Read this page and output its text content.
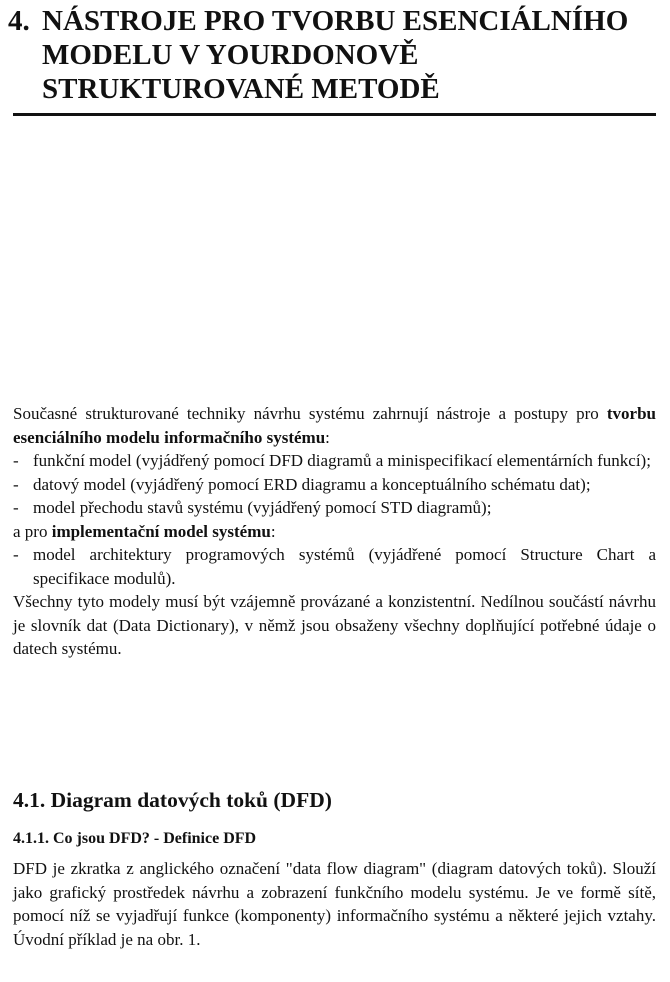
4. NÁSTROJE PRO TVORBU ESENCIÁLNÍHO
MODELU V YOURDONOVĚ
STRUKTUROVANÉ METODĚ
Současné strukturované techniky návrhu systému zahrnují nástroje a postupy pro tvorbu esenciálního modelu informačního systému:
- funkční model (vyjádřený pomocí DFD diagramů a minispecifikací elementárních funkcí);
- datový model (vyjádřený pomocí ERD diagramu a konceptuálního schématu dat);
- model přechodu stavů systému (vyjádřený pomocí STD diagramů);
a pro implementační model systému:
- model architektury programových systémů (vyjádřené pomocí Structure Chart a specifikace modulů).
Všechny tyto modely musí být vzájemně provázané a konzistentní. Nedílnou součástí návrhu je slovník dat (Data Dictionary), v němž jsou obsaženy všechny doplňující potřebné údaje o datech systému.
4.1. Diagram datových toků (DFD)
4.1.1. Co jsou DFD? - Definice DFD

DFD je zkratka z anglického označení "data flow diagram" (diagram datových toků). Slouží jako grafický prostředek návrhu a zobrazení funkčního modelu systému. Je ve formě sítě, pomocí níž se vyjadřují funkce (komponenty) informačního systému a některé jejich vztahy. Úvodní příklad je na obr. 1.
